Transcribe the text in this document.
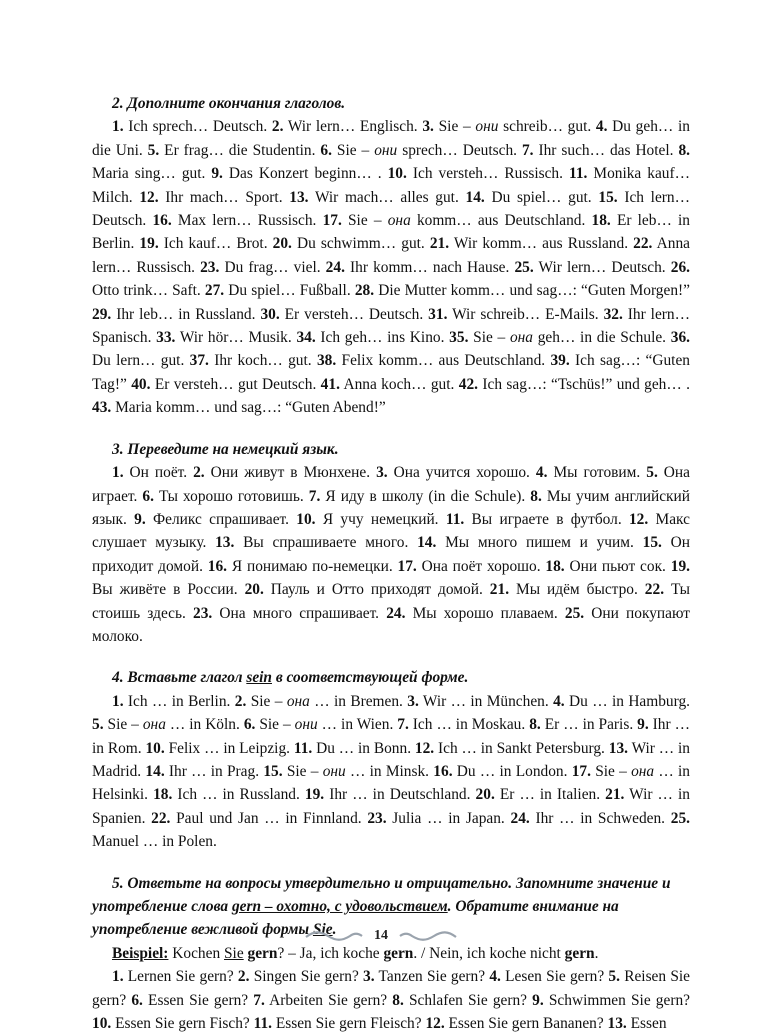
2. Дополните окончания глаголов.
1. Ich sprech… Deutsch. 2. Wir lern… Englisch. 3. Sie – они schreib… gut. 4. Du geh… in die Uni. 5. Er frag… die Studentin. 6. Sie – они sprech… Deutsch. 7. Ihr such… das Hotel. 8. Maria sing… gut. 9. Das Konzert beginn… . 10. Ich versteh… Russisch. 11. Monika kauf… Milch. 12. Ihr mach… Sport. 13. Wir mach… alles gut. 14. Du spiel… gut. 15. Ich lern… Deutsch. 16. Max lern… Russisch. 17. Sie – она komm… aus Deutschland. 18. Er leb… in Berlin. 19. Ich kauf… Brot. 20. Du schwimm… gut. 21. Wir komm… aus Russland. 22. Anna lern… Russisch. 23. Du frag… viel. 24. Ihr komm… nach Hause. 25. Wir lern… Deutsch. 26. Otto trink… Saft. 27. Du spiel… Fußball. 28. Die Mutter komm… und sag…: “Guten Morgen!” 29. Ihr leb… in Russland. 30. Er versteh… Deutsch. 31. Wir schreib… E-Mails. 32. Ihr lern… Spanisch. 33. Wir hör… Musik. 34. Ich geh… ins Kino. 35. Sie – она geh… in die Schule. 36. Du lern… gut. 37. Ihr koch… gut. 38. Felix komm… aus Deutschland. 39. Ich sag…: “Guten Tag!” 40. Er versteh… gut Deutsch. 41. Anna koch… gut. 42. Ich sag…: “Tschüs!” und geh… . 43. Maria komm… und sag…: “Guten Abend!”
3. Переведите на немецкий язык.
1. Он поёт. 2. Они живут в Мюнхене. 3. Она учится хорошо. 4. Мы готовим. 5. Она играет. 6. Ты хорошо готовишь. 7. Я иду в школу (in die Schule). 8. Мы учим английский язык. 9. Феликс спрашивает. 10. Я учу немецкий. 11. Вы играете в футбол. 12. Макс слушает музыку. 13. Вы спрашиваете много. 14. Мы много пишем и учим. 15. Он приходит домой. 16. Я понимаю по-немецки. 17. Она поёт хорошо. 18. Они пьют сок. 19. Вы живёте в России. 20. Пауль и Отто приходят домой. 21. Мы идём быстро. 22. Ты стоишь здесь. 23. Она много спрашивает. 24. Мы хорошо плаваем. 25. Они покупают молоко.
4. Вставьте глагол sein в соответствующей форме.
1. Ich … in Berlin. 2. Sie – она … in Bremen. 3. Wir … in München. 4. Du … in Hamburg. 5. Sie – она … in Köln. 6. Sie – они … in Wien. 7. Ich … in Moskau. 8. Er … in Paris. 9. Ihr … in Rom. 10. Felix … in Leipzig. 11. Du … in Bonn. 12. Ich … in Sankt Petersburg. 13. Wir … in Madrid. 14. Ihr … in Prag. 15. Sie – они … in Minsk. 16. Du … in London. 17. Sie – она … in Helsinki. 18. Ich … in Russland. 19. Ihr … in Deutschland. 20. Er … in Italien. 21. Wir … in Spanien. 22. Paul und Jan … in Finnland. 23. Julia … in Japan. 24. Ihr … in Schweden. 25. Manuel … in Polen.
5. Ответьте на вопросы утвердительно и отрицательно. Запомните значение и употребление слова gern – охотно, с удовольствием. Обратите внимание на употребление вежливой формы Sie.
Beispiel: Kochen Sie gern? – Ja, ich koche gern. / Nein, ich koche nicht gern.
1. Lernen Sie gern? 2. Singen Sie gern? 3. Tanzen Sie gern? 4. Lesen Sie gern? 5. Reisen Sie gern? 6. Essen Sie gern? 7. Arbeiten Sie gern? 8. Schlafen Sie gern? 9. Schwimmen Sie gern? 10. Essen Sie gern Fisch? 11. Essen Sie gern Fleisch? 12. Essen Sie gern Bananen? 13. Essen
14
